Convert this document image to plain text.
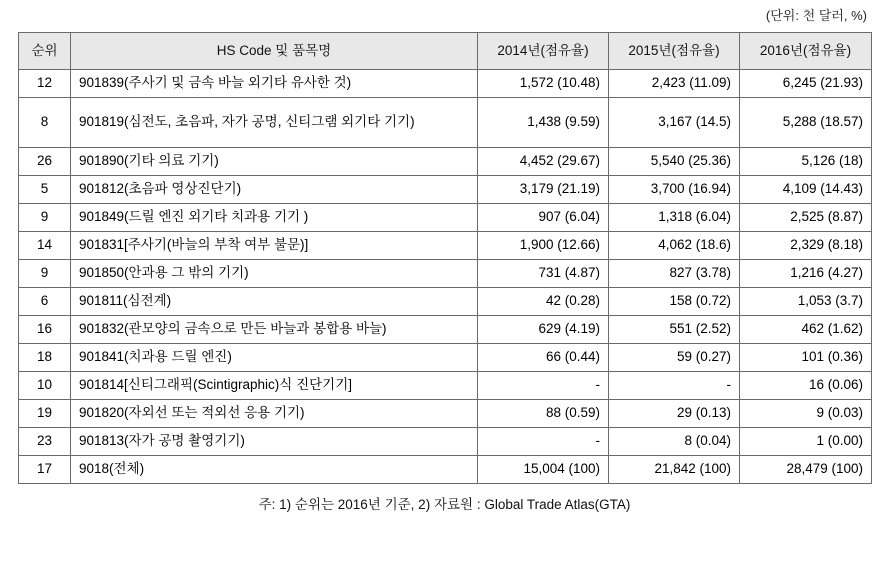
(단위: 천 달러, %)
순위	HS Code 및 품목명	2014년(점유율)	2015년(점유율)	2016년(점유율)
12	901839(주사기 및 금속 바늘 외기타 유사한 것)	1,572 (10.48)	2,423 (11.09)	6,245 (21.93)
8	901819(심전도, 초음파, 자가 공명, 신티그램 외기타 기기)	1,438 (9.59)	3,167 (14.5)	5,288 (18.57)
26	901890(기타 의료 기기)	4,452 (29.67)	5,540 (25.36)	5,126 (18)
5	901812(초음파 영상진단기)	3,179 (21.19)	3,700 (16.94)	4,109 (14.43)
9	901849(드릴 엔진 외기타 치과용 기기 )	907 (6.04)	1,318 (6.04)	2,525 (8.87)
14	901831[주사기(바늘의 부착 여부 불문)]	1,900 (12.66)	4,062 (18.6)	2,329 (8.18)
9	901850(안과용 그 밖의 기기)	731 (4.87)	827 (3.78)	1,216 (4.27)
6	901811(심전계)	42 (0.28)	158 (0.72)	1,053 (3.7)
16	901832(관모양의 금속으로 만든 바늘과 봉합용 바늘)	629 (4.19)	551 (2.52)	462 (1.62)
18	901841(치과용 드릴 엔진)	66 (0.44)	59 (0.27)	101 (0.36)
10	901814[신티그래픽(Scintigraphic)식 진단기기]	-	-	16 (0.06)
19	901820(자외선 또는 적외선 응용 기기)	88 (0.59)	29 (0.13)	9 (0.03)
23	901813(자가 공명 촬영기기)	-	8 (0.04)	1 (0.00)
17	9018(전체)	15,004 (100)	21,842 (100)	28,479 (100)
주: 1) 순위는 2016년 기준, 2) 자료원 : Global Trade Atlas(GTA)
